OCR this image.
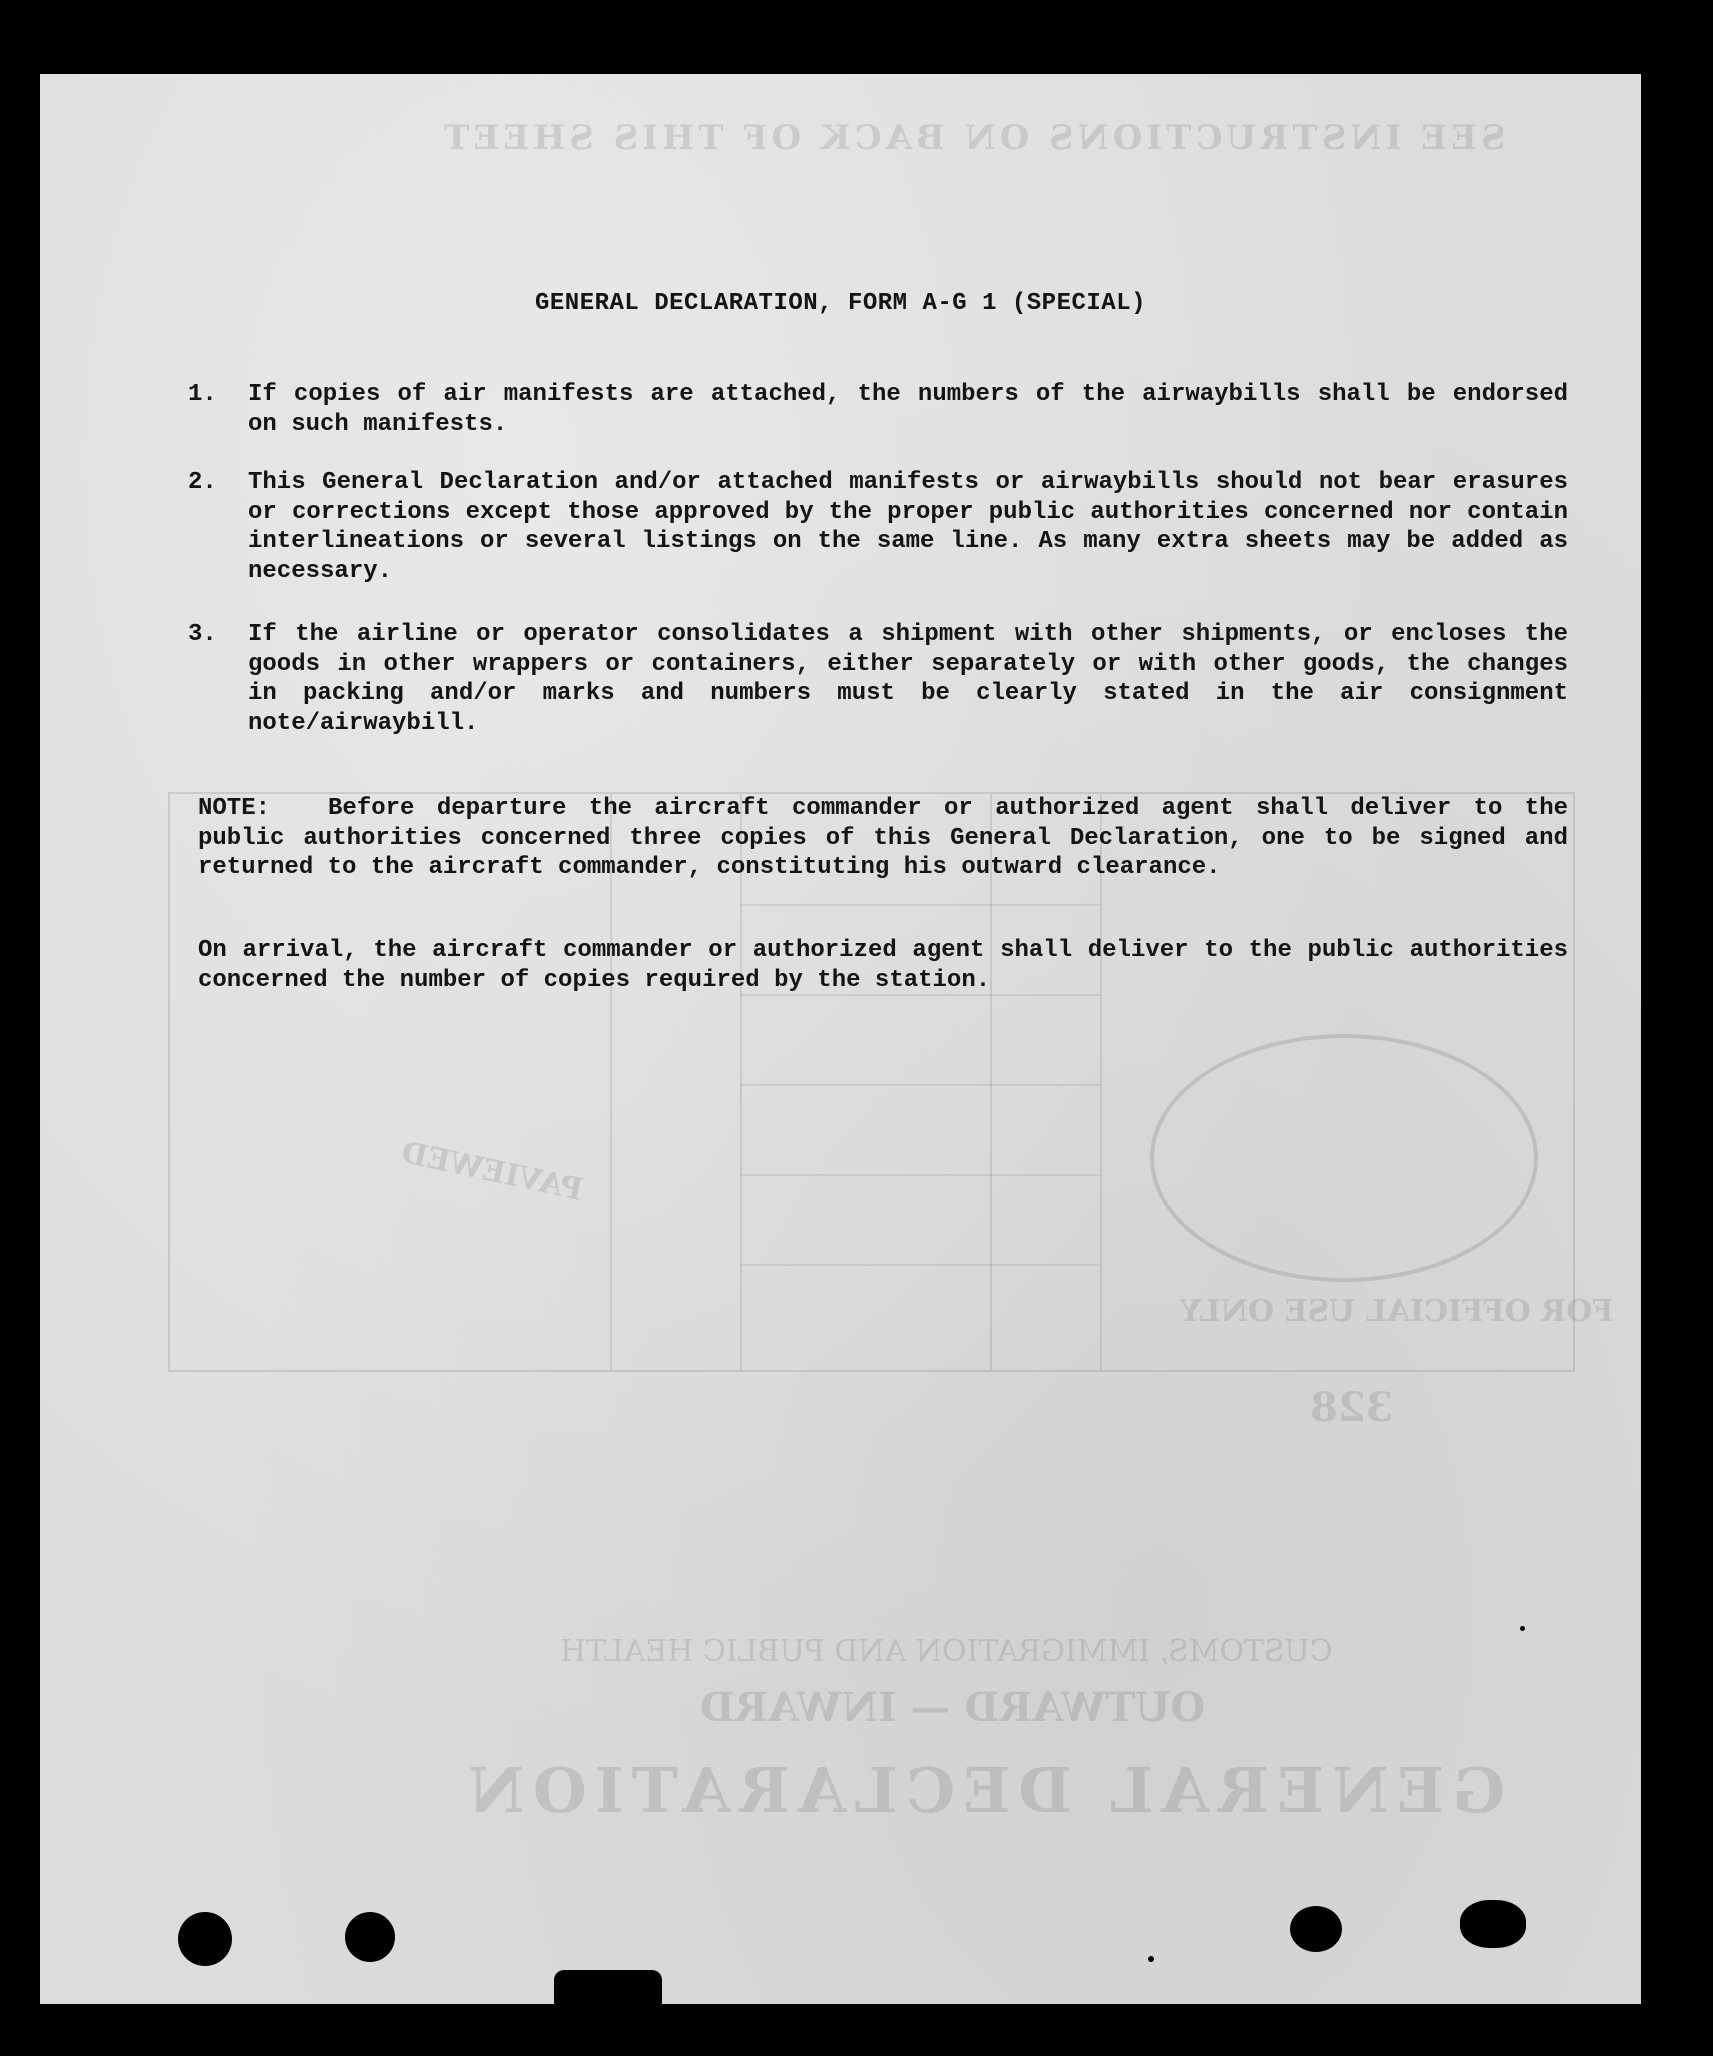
SEE INSTRUCTIONS ON BACK OF THIS SHEET
CUSTOMS, IMMIGRATION AND PUBLIC HEALTH
OUTWARD — INWARD
GENERAL DECLARATION
PAVIEWED
FOR OFFICIAL USE ONLY
328
GENERAL DECLARATION, FORM A-G 1 (SPECIAL)
1.	If copies of air manifests are attached, the numbers of the airwaybills shall be endorsed on such manifests.
2.	This General Declaration and/or attached manifests or airwaybills should not bear erasures or corrections except those approved by the proper public authorities concerned nor contain interlineations or several listings on the same line. As many extra sheets may be added as necessary.
3.	If the airline or operator consolidates a shipment with other shipments, or encloses the goods in other wrappers or containers, either separately or with other goods, the changes in packing and/or marks and numbers must be clearly stated in the air consignment note/airwaybill.
NOTE: Before departure the aircraft commander or authorized agent shall deliver to the public authorities concerned three copies of this General Declaration, one to be signed and returned to the aircraft commander, constituting his outward clearance.
On arrival, the aircraft commander or authorized agent shall deliver to the public authorities concerned the number of copies required by the station.
